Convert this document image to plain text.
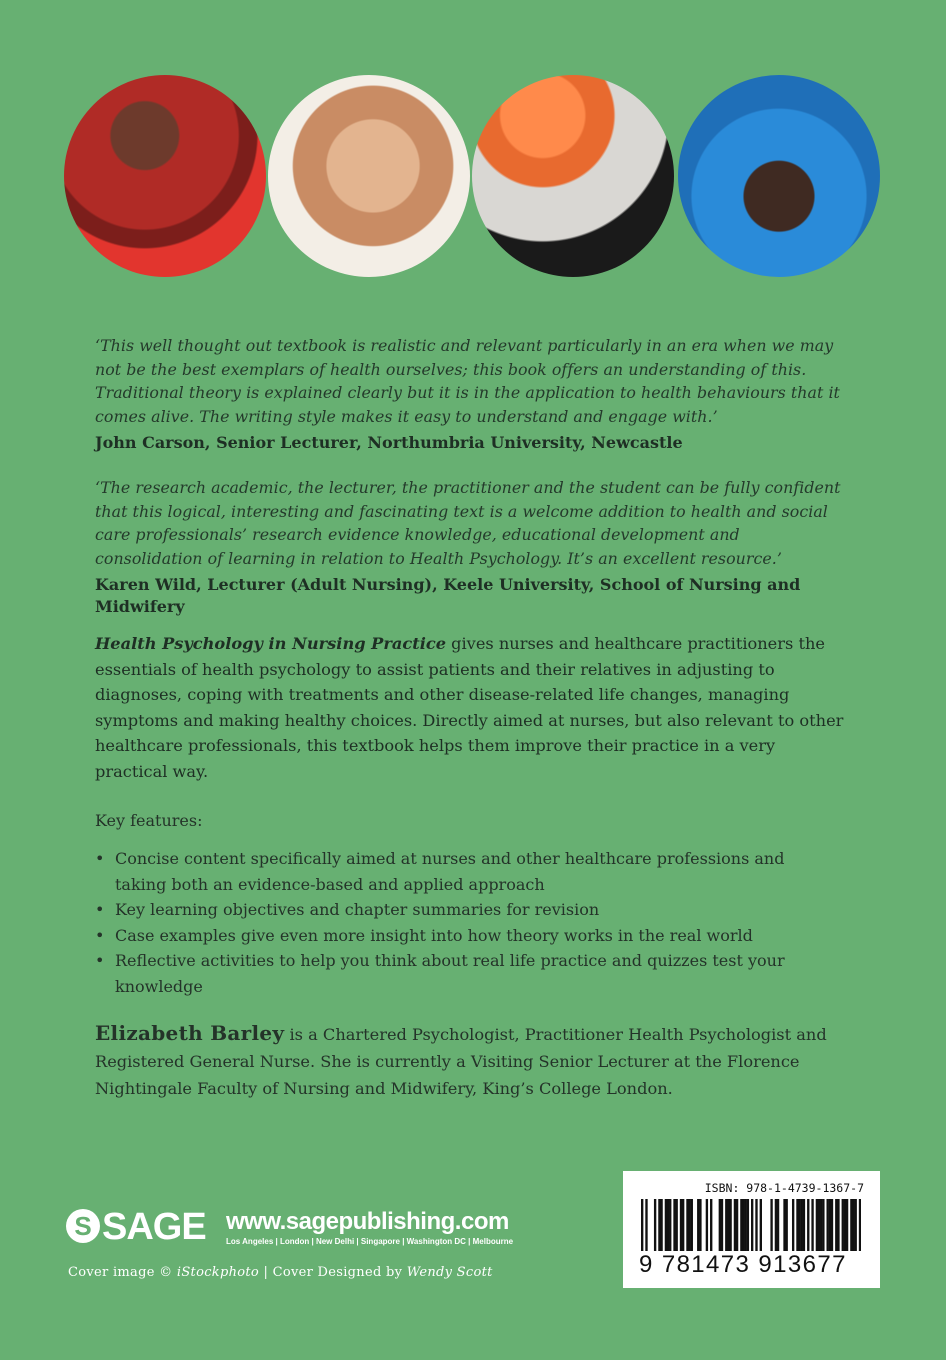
‘This well thought out textbook is realistic and relevant particularly in an era when we may not be the best exemplars of health ourselves; this book offers an understanding of this. Traditional theory is explained clearly but it is in the application to health behaviours that it comes alive. The writing style makes it easy to understand and engage with.’

John Carson, Senior Lecturer, Northumbria University, Newcastle

‘The research academic, the lecturer, the practitioner and the student can be fully confident that this logical, interesting and fascinating text is a welcome addition to health and social care professionals’ research evidence knowledge, educational development and consolidation of learning in relation to Health Psychology. It’s an excellent resource.’

Karen Wild, Lecturer (Adult Nursing), Keele University, School of Nursing and Midwifery

Health Psychology in Nursing Practice gives nurses and healthcare practitioners the essentials of health psychology to assist patients and their relatives in adjusting to diagnoses, coping with treatments and other disease-related life changes, managing symptoms and making healthy choices. Directly aimed at nurses, but also relevant to other healthcare professionals, this textbook helps them improve their practice in a very practical way.

Key features:

• Concise content specifically aimed at nurses and other healthcare professions and taking both an evidence-based and applied approach
• Key learning objectives and chapter summaries for revision
• Case examples give even more insight into how theory works in the real world
• Reflective activities to help you think about real life practice and quizzes test your knowledge

Elizabeth Barley is a Chartered Psychologist, Practitioner Health Psychologist and Registered General Nurse. She is currently a Visiting Senior Lecturer at the Florence Nightingale Faculty of Nursing and Midwifery, King’s College London.

S SAGE www.sagepublishing.com
Los Angeles | London | New Delhi | Singapore | Washington DC | Melbourne
Cover image © iStockphoto | Cover Designed by Wendy Scott
ISBN: 978-1-4739-1367-7
9 781473 913677
